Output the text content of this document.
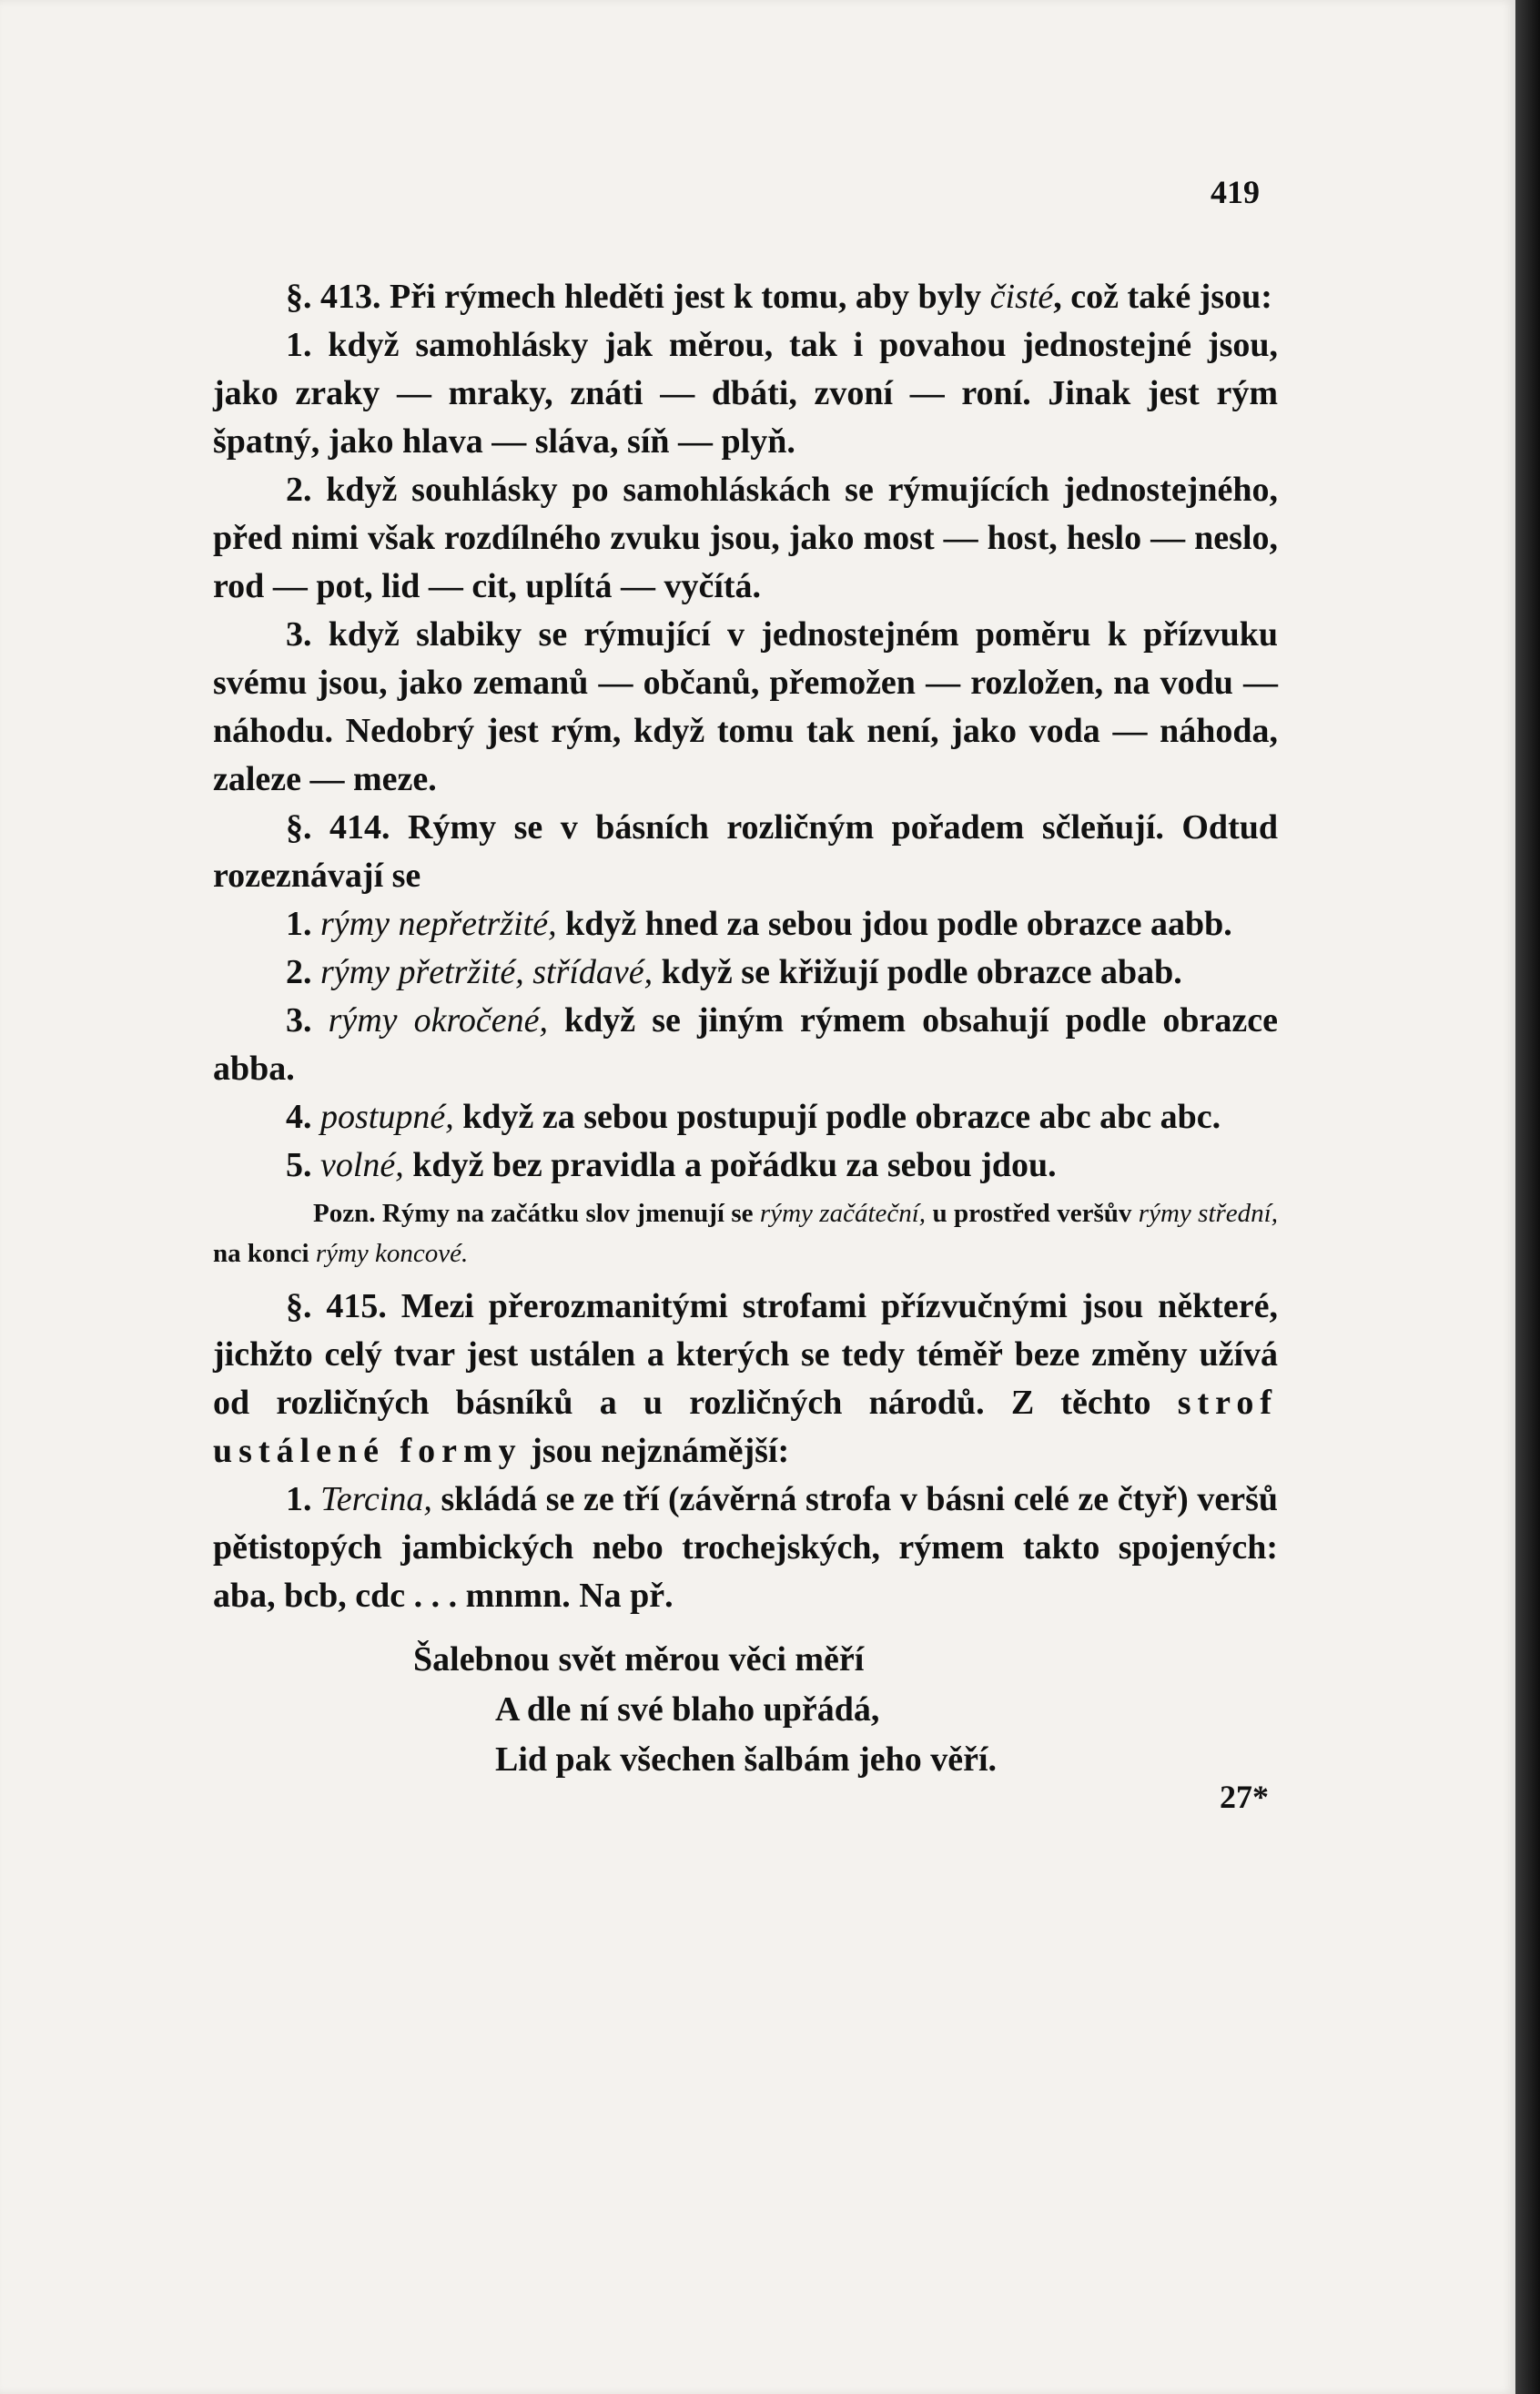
419

§. 413. Při rýmech hleděti jest k tomu, aby byly čisté, což také jsou:

1. když samohlásky jak měrou, tak i povahou jednostejné jsou, jako zraky — mraky, znáti — dbáti, zvoní — roní. Jinak jest rým špatný, jako hlava — sláva, síň — plyň.

2. když souhlásky po samohláskách se rýmujících jednostejného, před nimi však rozdílného zvuku jsou, jako most — host, heslo — neslo, rod — pot, lid — cit, uplítá — vyčítá.

3. když slabiky se rýmující v jednostejném poměru k přízvuku svému jsou, jako zemanů — občanů, přemožen — rozložen, na vodu — náhodu. Nedobrý jest rým, když tomu tak není, jako voda — náhoda, zaleze — meze.

§. 414. Rýmy se v básních rozličným pořadem sčleňují. Odtud rozeznávají se

1. rýmy nepřetržité, když hned za sebou jdou podle obrazce aabb.

2. rýmy přetržité, střídavé, když se křižují podle obrazce abab.

3. rýmy okročené, když se jiným rýmem obsahují podle obrazce abba.

4. postupné, když za sebou postupují podle obrazce abc abc abc.

5. volné, když bez pravidla a pořádku za sebou jdou.

Pozn. Rýmy na začátku slov jmenují se rýmy začáteční, u prostřed veršův rýmy střední, na konci rýmy koncové.

§. 415. Mezi přerozmanitými strofami přízvučnými jsou některé, jichžto celý tvar jest ustálen a kterých se tedy téměř beze změny užívá od rozličných básníků a u rozličných národů. Z těchto strof ustálené formy jsou nejznámější:

1. Tercina, skládá se ze tří (závěrná strofa v básni celé ze čtyř) veršů pětistopých jambických nebo trochejských, rýmem takto spojených: aba, bcb, cdc . . . mnmn. Na př.

Šalebnou svět měrou věci měří
A dle ní své blaho upřádá,
Lid pak všechen šalbám jeho věří.
27*
